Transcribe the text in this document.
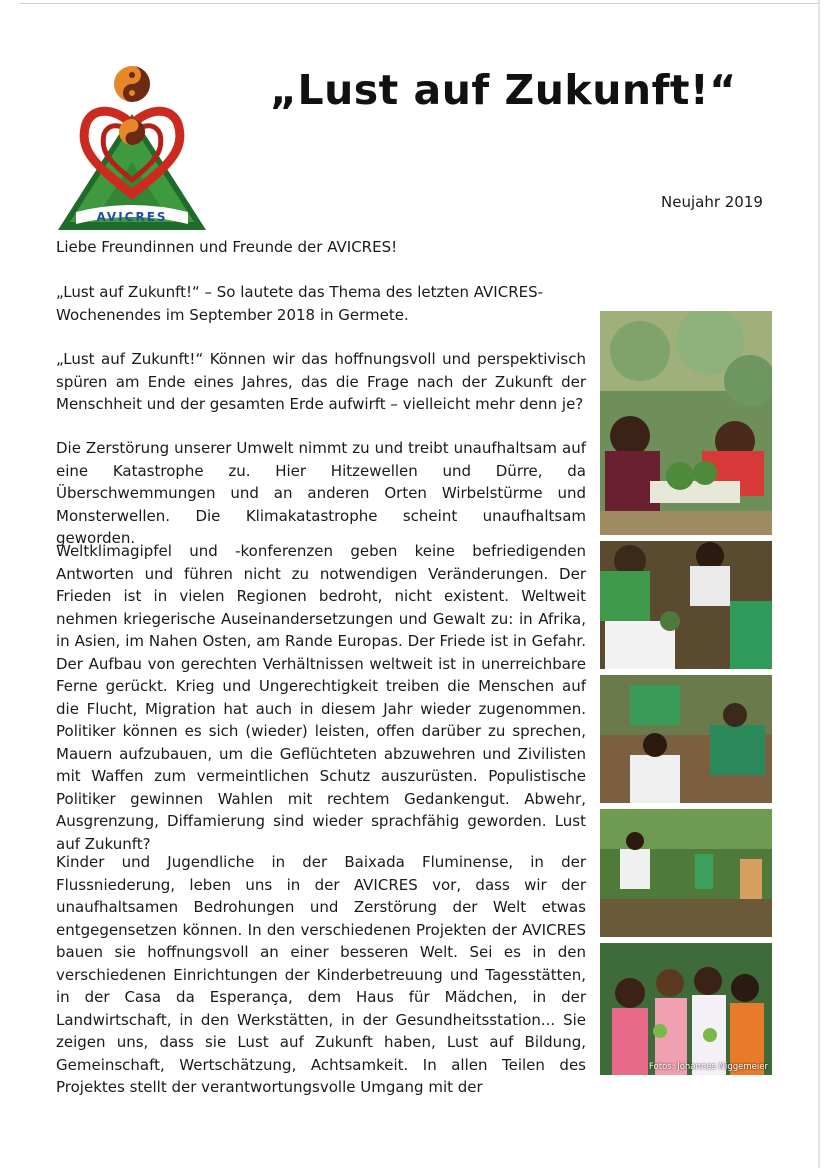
AVICRES
„Lust auf Zukunft!“
Neujahr 2019

Liebe Freundinnen und Freunde der AVICRES!

„Lust auf Zukunft!“ – So lautete das Thema des letzten AVICRES-Wochenendes im September 2018 in Germete.

„Lust auf Zukunft!“ Können wir das hoffnungsvoll und perspektivisch spüren am Ende eines Jahres, das die Frage nach der Zukunft der Menschheit und der gesamten Erde aufwirft – vielleicht mehr denn je?

Die Zerstörung unserer Umwelt nimmt zu und treibt unaufhaltsam auf eine Katastrophe zu. Hier Hitzewellen und Dürre, da Überschwemmungen und an anderen Orten Wirbelstürme und Monsterwellen. Die Klimakatastrophe scheint unaufhaltsam geworden.

Weltklimagipfel und -konferenzen geben keine befriedigenden Antworten und führen nicht zu notwendigen Veränderungen. Der Frieden ist in vielen Regionen bedroht, nicht existent. Weltweit nehmen kriegerische Auseinandersetzungen und Gewalt zu: in Afrika, in Asien, im Nahen Osten, am Rande Europas. Der Friede ist in Gefahr. Der Aufbau von gerechten Verhältnissen weltweit ist in unerreichbare Ferne gerückt. Krieg und Ungerechtigkeit treiben die Menschen auf die Flucht, Migration hat auch in diesem Jahr wieder zugenommen. Politiker können es sich (wieder) leisten, offen darüber zu sprechen, Mauern aufzubauen, um die Geflüchteten abzuwehren und Zivilisten mit Waffen zum vermeintlichen Schutz auszurüsten. Populistische Politiker gewinnen Wahlen mit rechtem Gedankengut. Abwehr, Ausgrenzung, Diffamierung sind wieder sprachfähig geworden. Lust auf Zukunft?

Kinder und Jugendliche in der Baixada Fluminense, in der Flussniederung, leben uns in der AVICRES vor, dass wir der unaufhaltsamen Bedrohungen und Zerstörung der Welt etwas entgegensetzen können. In den verschiedenen Projekten der AVICRES bauen sie hoffnungsvoll an einer besseren Welt. Sei es in den verschiedenen Einrichtungen der Kinderbetreuung und Tagesstätten, in der Casa da Esperança, dem Haus für Mädchen, in der Landwirtschaft, in den Werkstätten, in der Gesundheitsstation... Sie zeigen uns, dass sie Lust auf Zukunft haben, Lust auf Bildung, Gemeinschaft, Wertschätzung, Achtsamkeit. In allen Teilen des Projektes stellt der verantwortungsvolle Umgang mit der

Fotos: Johannes Niggemeier
